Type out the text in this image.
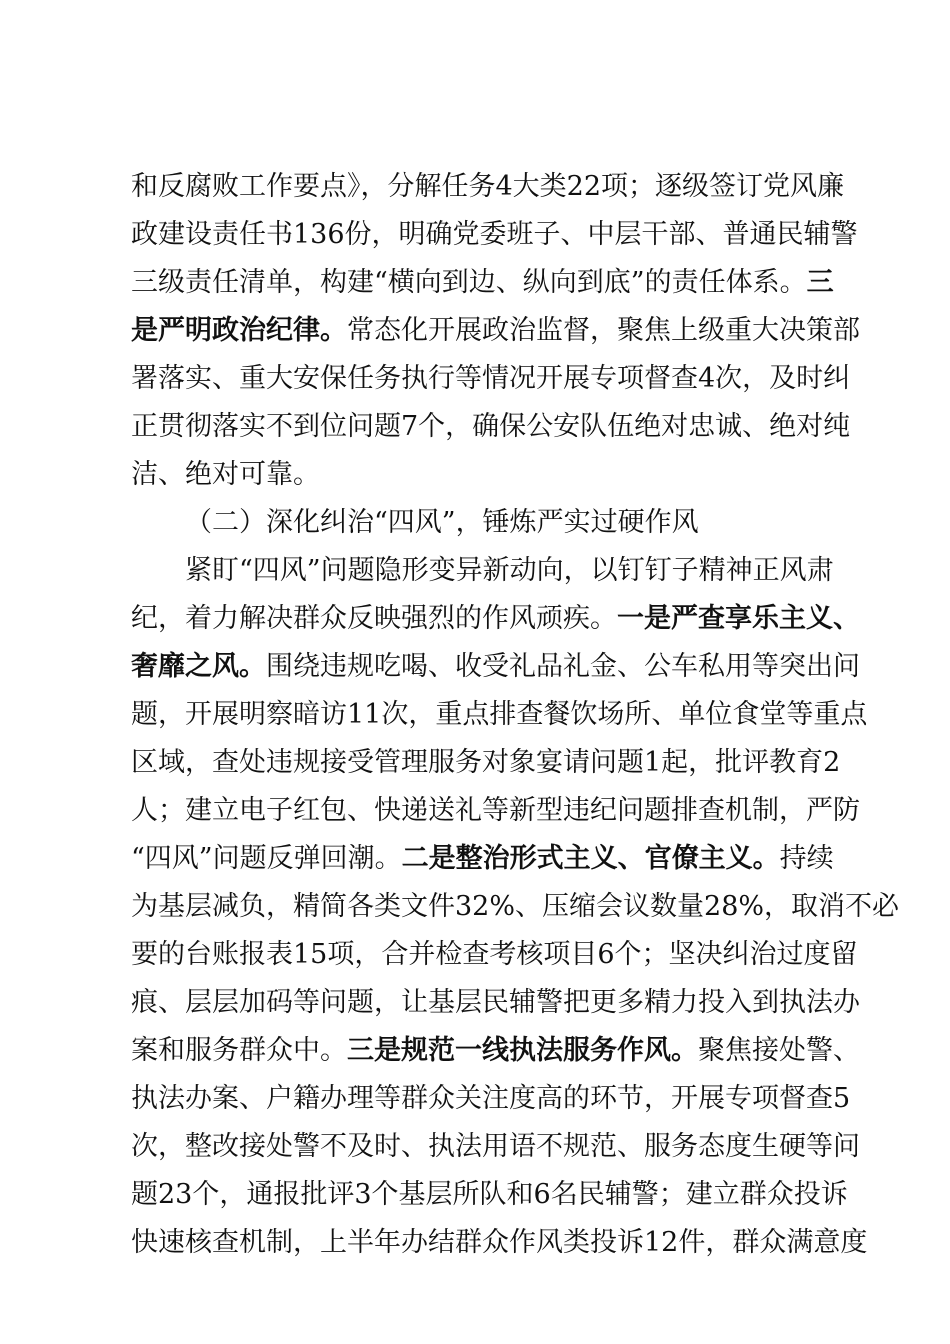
和反腐败工作要点》，分解任务4大类22项；逐级签订党风廉
政建设责任书136份，明确党委班子、中层干部、普通民辅警
三级责任清单，构建“横向到边、纵向到底”的责任体系。三
是严明政治纪律。常态化开展政治监督，聚焦上级重大决策部
署落实、重大安保任务执行等情况开展专项督查4次，及时纠
正贯彻落实不到位问题7个，确保公安队伍绝对忠诚、绝对纯
洁、绝对可靠。
（二）深化纠治“四风”，锤炼严实过硬作风
紧盯“四风”问题隐形变异新动向，以钉钉子精神正风肃
纪，着力解决群众反映强烈的作风顽疾。一是严查享乐主义、
奢靡之风。围绕违规吃喝、收受礼品礼金、公车私用等突出问
题，开展明察暗访11次，重点排查餐饮场所、单位食堂等重点
区域，查处违规接受管理服务对象宴请问题1起，批评教育2
人；建立电子红包、快递送礼等新型违纪问题排查机制，严防
“四风”问题反弹回潮。二是整治形式主义、官僚主义。持续
为基层减负，精简各类文件32%、压缩会议数量28%，取消不必
要的台账报表15项，合并检查考核项目6个；坚决纠治过度留
痕、层层加码等问题，让基层民辅警把更多精力投入到执法办
案和服务群众中。三是规范一线执法服务作风。聚焦接处警、
执法办案、户籍办理等群众关注度高的环节，开展专项督查5
次，整改接处警不及时、执法用语不规范、服务态度生硬等问
题23个，通报批评3个基层所队和6名民辅警；建立群众投诉
快速核查机制，上半年办结群众作风类投诉12件，群众满意度
